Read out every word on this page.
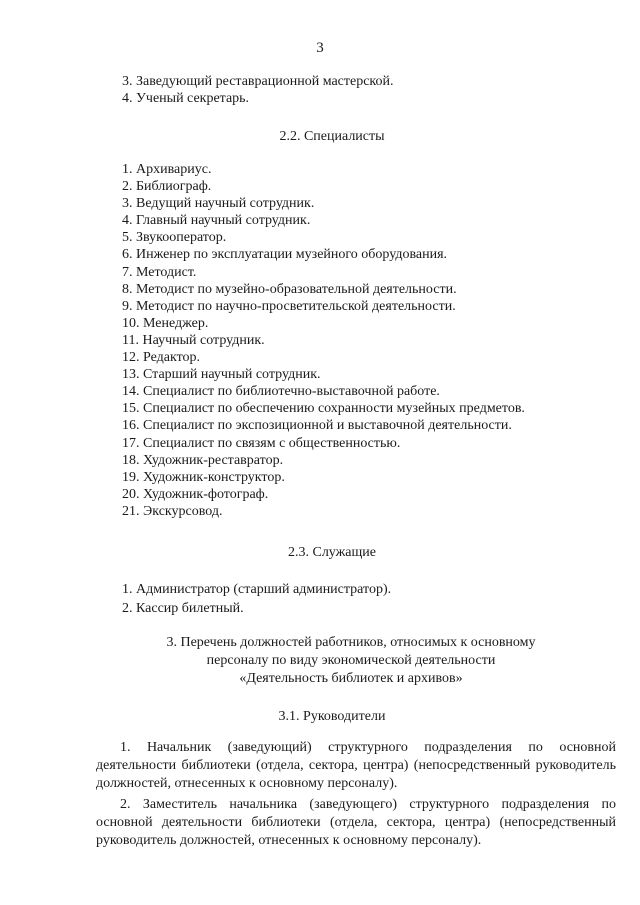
3
3. Заведующий реставрационной мастерской.
4. Ученый секретарь.
2.2. Специалисты
1. Архивариус.
2. Библиограф.
3. Ведущий научный сотрудник.
4. Главный научный сотрудник.
5. Звукооператор.
6. Инженер по эксплуатации музейного оборудования.
7. Методист.
8. Методист по музейно-образовательной деятельности.
9. Методист по научно-просветительской деятельности.
10. Менеджер.
11. Научный сотрудник.
12. Редактор.
13. Старший научный сотрудник.
14. Специалист по библиотечно-выставочной работе.
15. Специалист по обеспечению сохранности музейных предметов.
16. Специалист по экспозиционной и выставочной деятельности.
17. Специалист по связям с общественностью.
18. Художник-реставратор.
19. Художник-конструктор.
20. Художник-фотограф.
21. Экскурсовод.
2.3. Служащие
1. Администратор (старший администратор).
2. Кассир билетный.
3. Перечень должностей работников, относимых к основному
персоналу по виду экономической деятельности
«Деятельность библиотек и архивов»
3.1. Руководители

1. Начальник (заведующий) структурного подразделения по основной деятельности библиотеки (отдела, сектора, центра) (непосредственный руководитель должностей, отнесенных к основному персоналу).

2. Заместитель начальника (заведующего) структурного подразделения по основной деятельности библиотеки (отдела, сектора, центра) (непосредственный руководитель должностей, отнесенных к основному персоналу).
